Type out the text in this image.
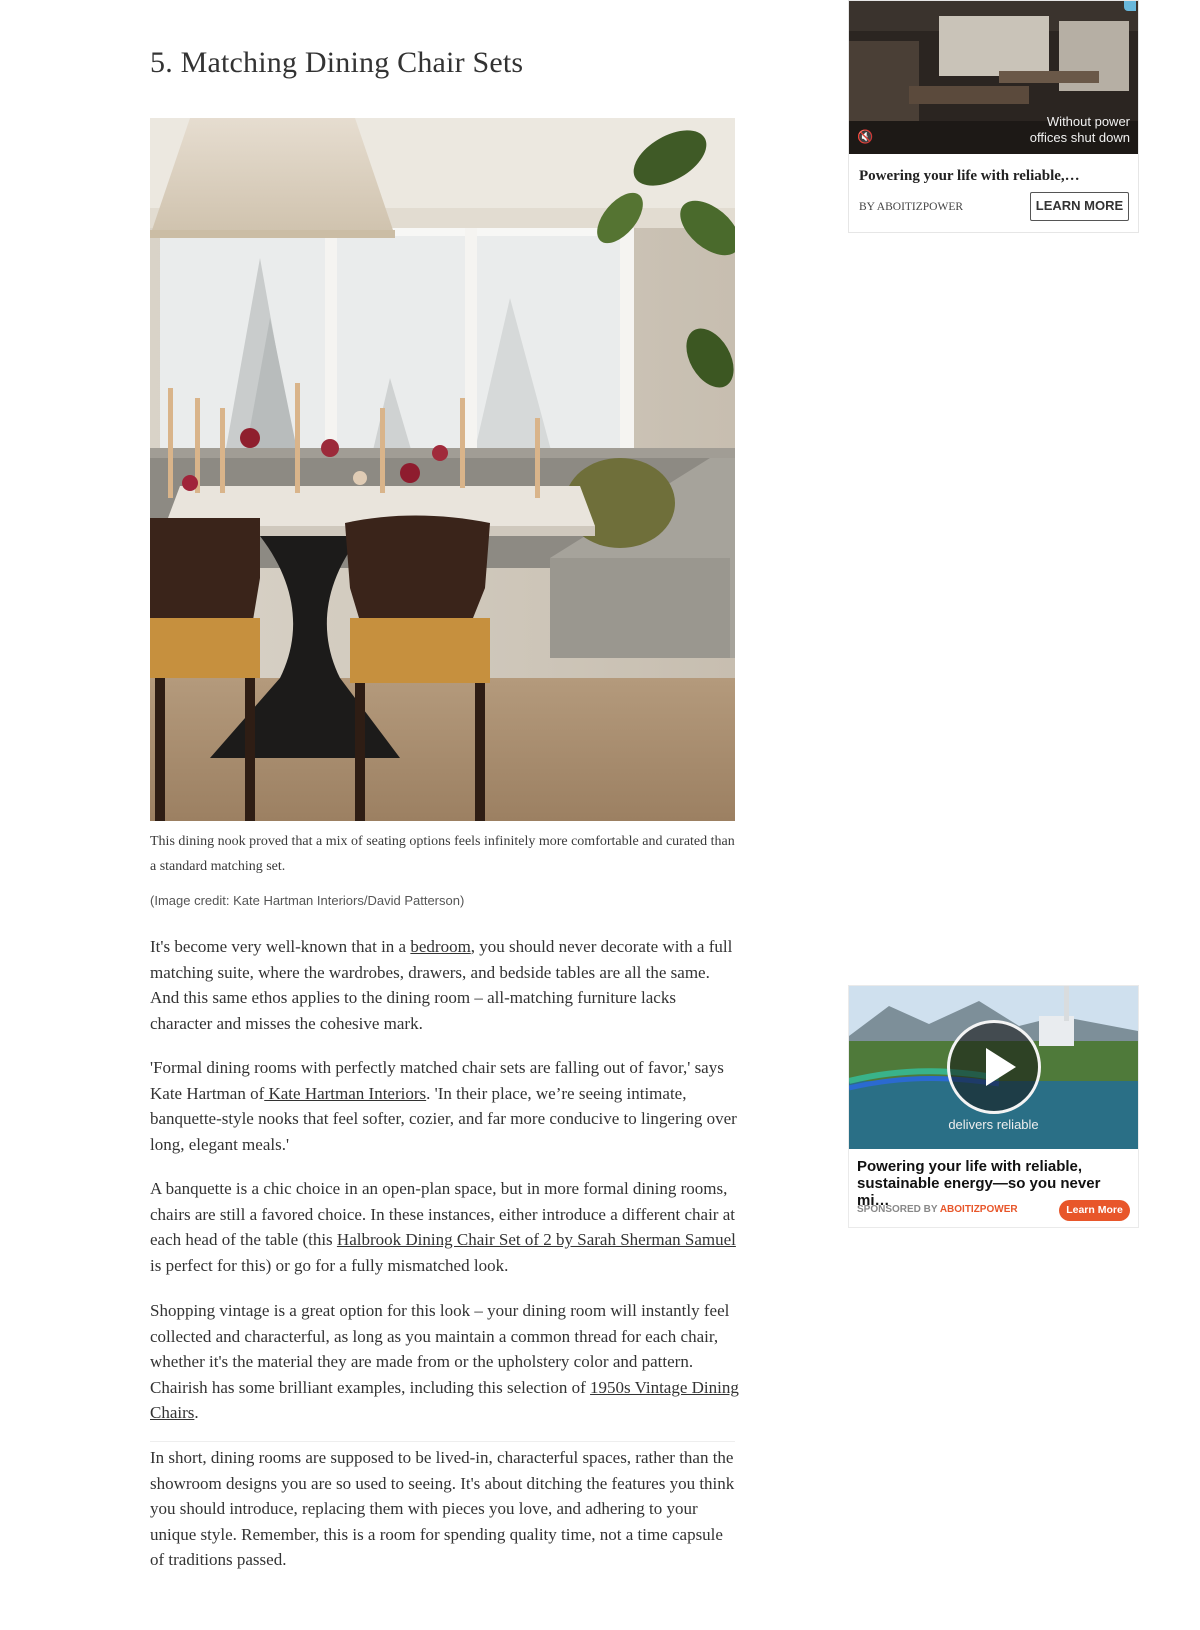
5. Matching Dining Chair Sets
This dining nook proved that a mix of seating options feels infinitely more comfortable and curated than a standard matching set.
(Image credit: Kate Hartman Interiors/David Patterson)

It's become very well-known that in a bedroom, you should never decorate with a full matching suite, where the wardrobes, drawers, and bedside tables are all the same. And this same ethos applies to the dining room – all-matching furniture lacks character and misses the cohesive mark.

'Formal dining rooms with perfectly matched chair sets are falling out of favor,' says Kate Hartman of Kate Hartman Interiors. 'In their place, we’re seeing intimate, banquette-style nooks that feel softer, cozier, and far more conducive to lingering over long, elegant meals.'

A banquette is a chic choice in an open-plan space, but in more formal dining rooms, chairs are still a favored choice. In these instances, either introduce a different chair at each head of the table (this Halbrook Dining Chair Set of 2 by Sarah Sherman Samuel is perfect for this) or go for a fully mismatched look.

Shopping vintage is a great option for this look – your dining room will instantly feel collected and characterful, as long as you maintain a common thread for each chair, whether it's the material they are made from or the upholstery color and pattern. Chairish has some brilliant examples, including this selection of 1950s Vintage Dining Chairs.

In short, dining rooms are supposed to be lived-in, characterful spaces, rather than the showroom designs you are so used to seeing. It's about ditching the features you think you should introduce, replacing them with pieces you love, and adhering to your unique style. Remember, this is a room for spending quality time, not a time capsule of traditions passed.

Without power
offices shut down
🔇
Powering your life with reliable,…
BY ABOITIZPOWER	LEARN MORE
delivers reliable
Powering your life with reliable, sustainable energy—so you never mi…
SPONSORED BY ABOITIZPOWER	Learn More
